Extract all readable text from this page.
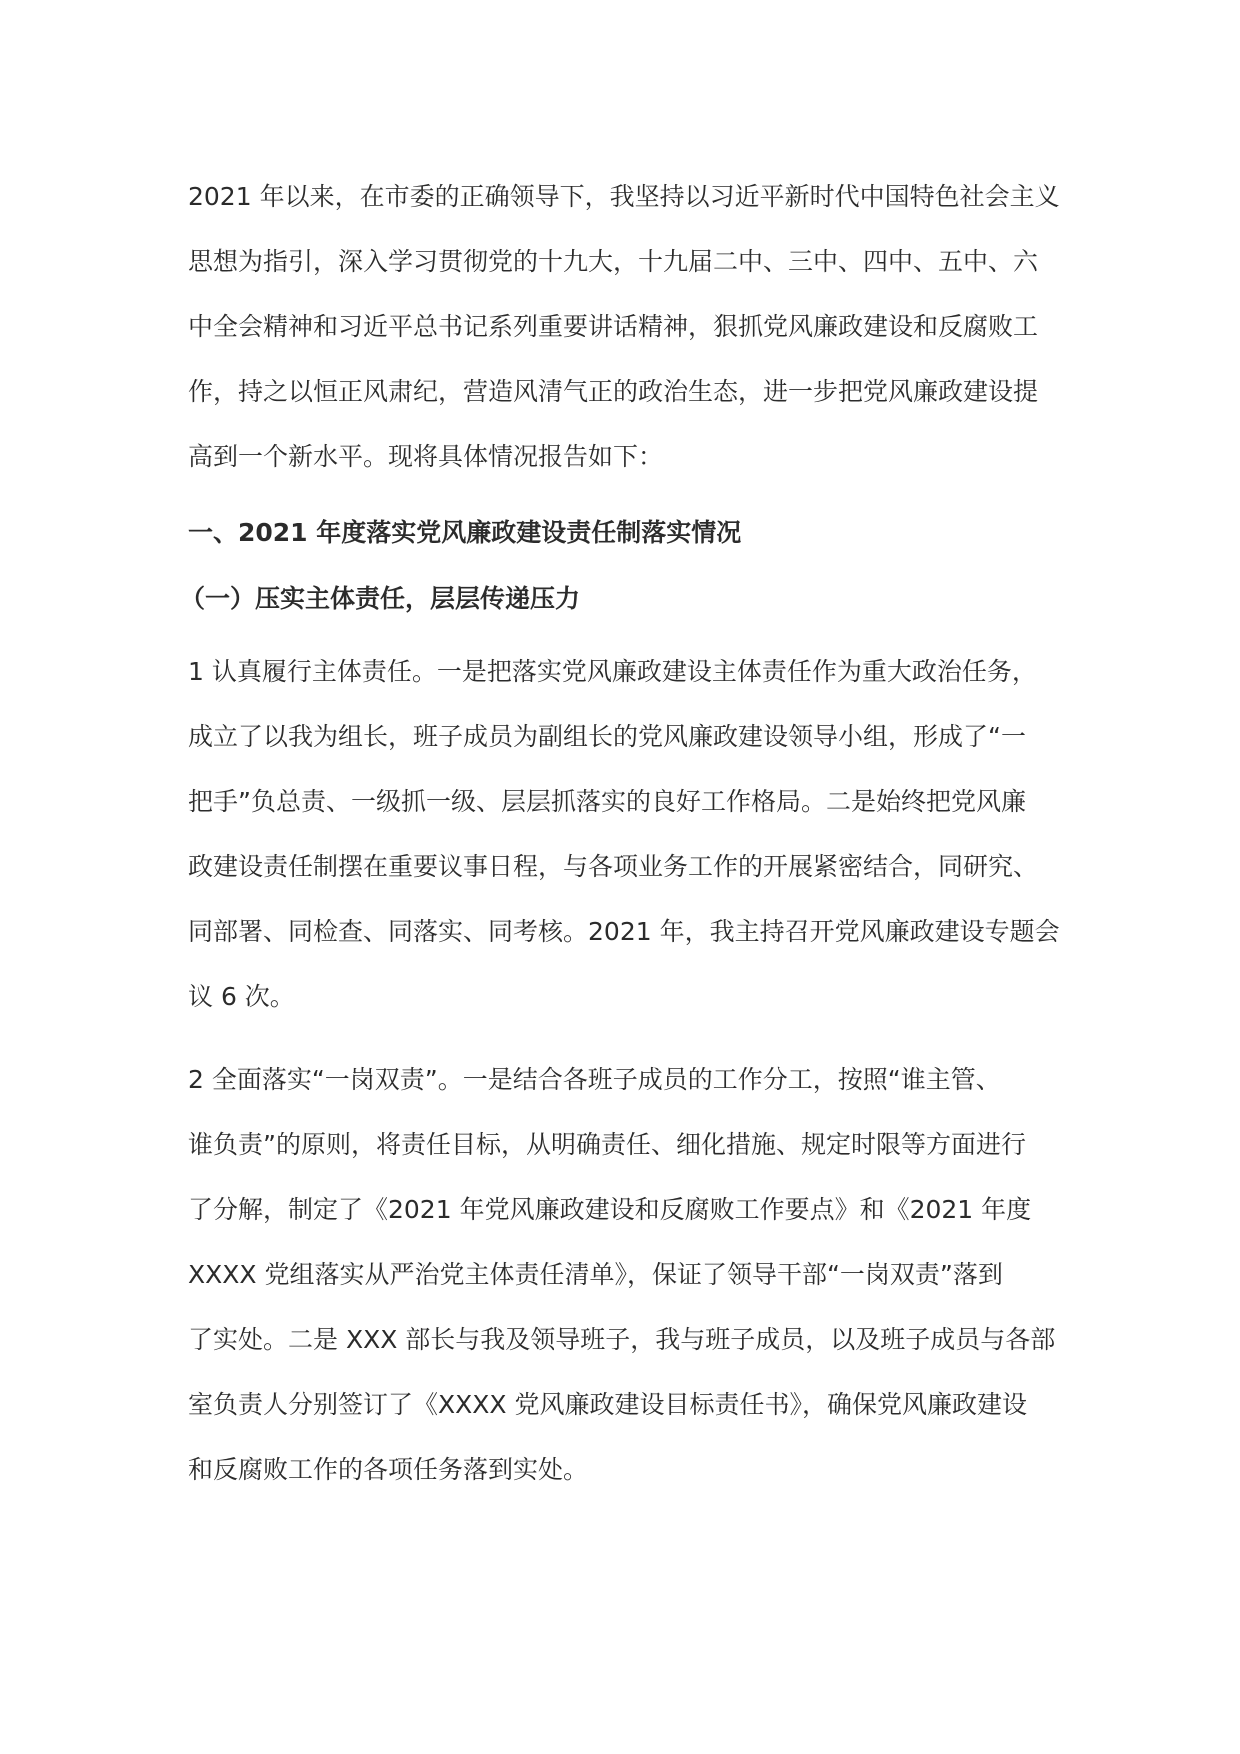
2021 年以来，在市委的正确领导下，我坚持以习近平新时代中国特色社会主义
思想为指引，深入学习贯彻党的十九大，十九届二中、三中、四中、五中、六
中全会精神和习近平总书记系列重要讲话精神，狠抓党风廉政建设和反腐败工
作，持之以恒正风肃纪，营造风清气正的政治生态，进一步把党风廉政建设提
高到一个新水平。现将具体情况报告如下：
一、2021 年度落实党风廉政建设责任制落实情况
（一）压实主体责任，层层传递压力
1 认真履行主体责任。一是把落实党风廉政建设主体责任作为重大政治任务，
成立了以我为组长，班子成员为副组长的党风廉政建设领导小组，形成了“一
把手”负总责、一级抓一级、层层抓落实的良好工作格局。二是始终把党风廉
政建设责任制摆在重要议事日程，与各项业务工作的开展紧密结合，同研究、
同部署、同检查、同落实、同考核。2021 年，我主持召开党风廉政建设专题会
议 6 次。
2 全面落实“一岗双责”。一是结合各班子成员的工作分工，按照“谁主管、
谁负责”的原则，将责任目标，从明确责任、细化措施、规定时限等方面进行
了分解，制定了《2021 年党风廉政建设和反腐败工作要点》和《2021 年度
XXXX 党组落实从严治党主体责任清单》，保证了领导干部“一岗双责”落到
了实处。二是 XXX 部长与我及领导班子，我与班子成员，以及班子成员与各部
室负责人分别签订了《XXXX 党风廉政建设目标责任书》，确保党风廉政建设
和反腐败工作的各项任务落到实处。
